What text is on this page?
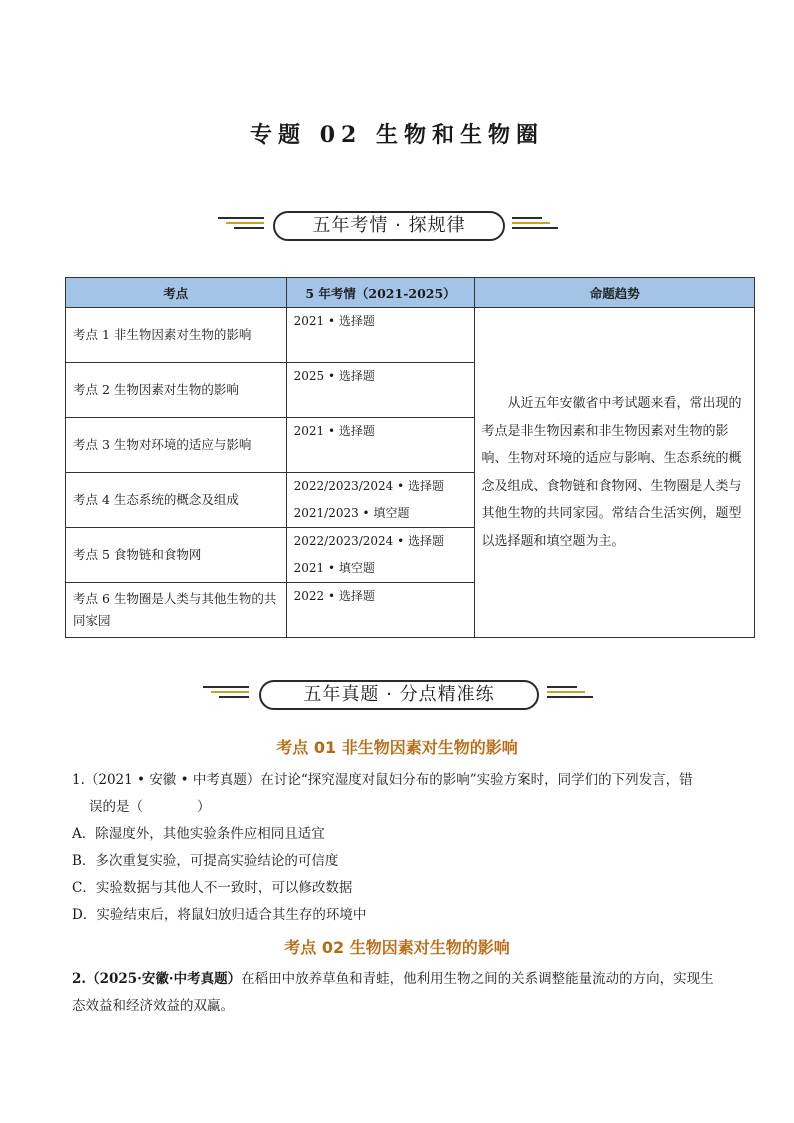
专题 02 生物和生物圈
五年考情 · 探规律
考点	5 年考情（2021-2025）	命题趋势
考点 1 非生物因素对生物的影响	2021 • 选择题	从近五年安徽省中考试题来看，常出现的考点是非生物因素和非生物因素对生物的影响、生物对环境的适应与影响、生态系统的概念及组成、食物链和食物网、生物圈是人类与其他生物的共同家园。常结合生活实例，题型以选择题和填空题为主。
考点 2 生物因素对生物的影响	2025 • 选择题	

考点 3 生物对环境的适应与影响	2021 • 选择题	

考点 4 生态系统的概念及组成	2022/2023/2024 • 选择题
2021/2023 • 填空题	

考点 5 食物链和食物网	2022/2023/2024 • 选择题
2021 • 填空题	

考点 6 生物圈是人类与其他生物的共同家园	2022 • 选择题	
五年真题 · 分点精准练
考点 01 非生物因素对生物的影响
1.（2021 • 安徽 • 中考真题）在讨论“探究湿度对鼠妇分布的影响”实验方案时，同学们的下列发言，错
误的是（　　　　）
A．除湿度外，其他实验条件应相同且适宜
B．多次重复实验，可提高实验结论的可信度
C．实验数据与其他人不一致时，可以修改数据
D．实验结束后，将鼠妇放归适合其生存的环境中
考点 02 生物因素对生物的影响
2.（2025·安徽·中考真题）在稻田中放养草鱼和青蛙，他利用生物之间的关系调整能量流动的方向，实现生
态效益和经济效益的双赢。
